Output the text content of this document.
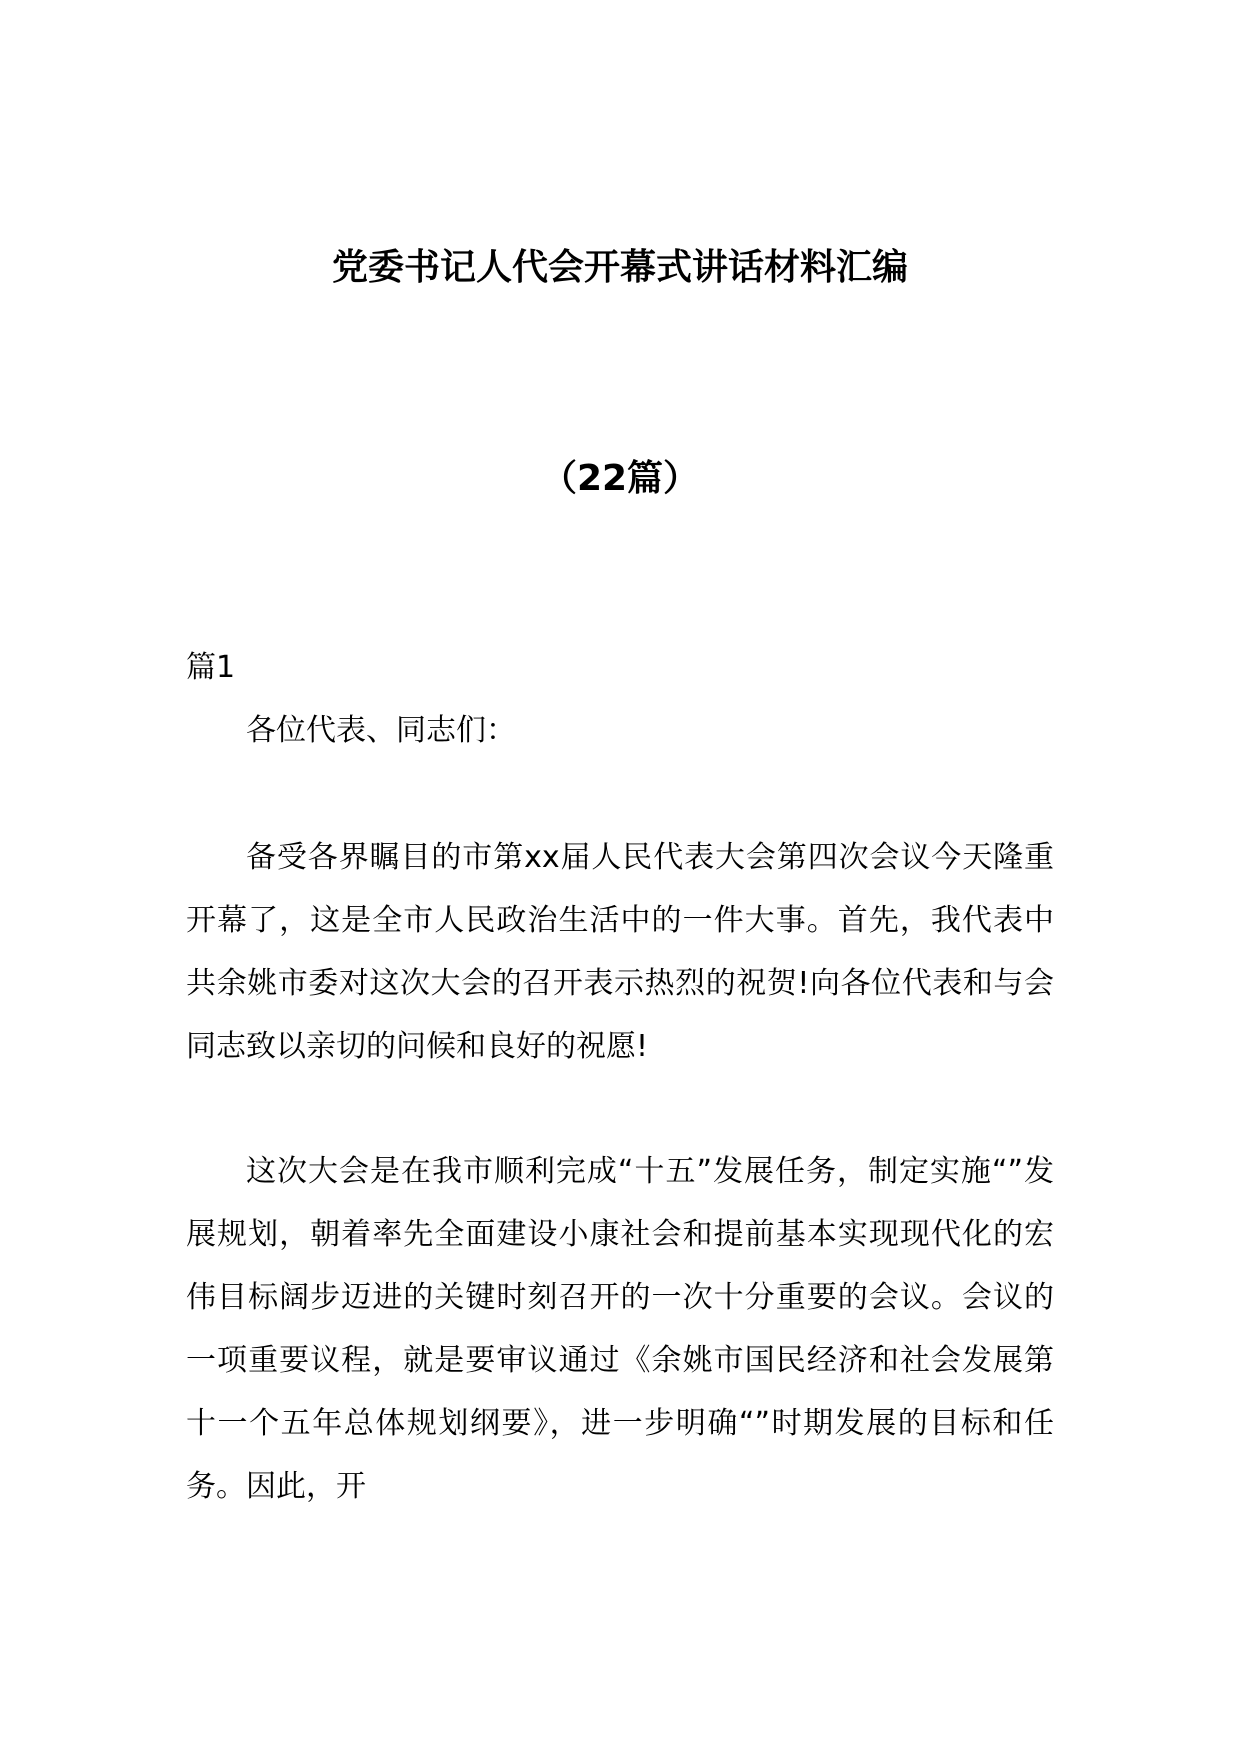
党委书记人代会开幕式讲话材料汇编
（22篇）

篇1

各位代表、同志们：

备受各界瞩目的市第xx届人民代表大会第四次会议今天隆重开幕了，这是全市人民政治生活中的一件大事。首先，我代表中共余姚市委对这次大会的召开表示热烈的祝贺!向各位代表和与会同志致以亲切的问候和良好的祝愿!

这次大会是在我市顺利完成“十五”发展任务，制定实施“”发展规划，朝着率先全面建设小康社会和提前基本实现现代化的宏伟目标阔步迈进的关键时刻召开的一次十分重要的会议。会议的一项重要议程，就是要审议通过《余姚市国民经济和社会发展第十一个五年总体规划纲要》，进一步明确“”时期发展的目标和任务。因此，开
